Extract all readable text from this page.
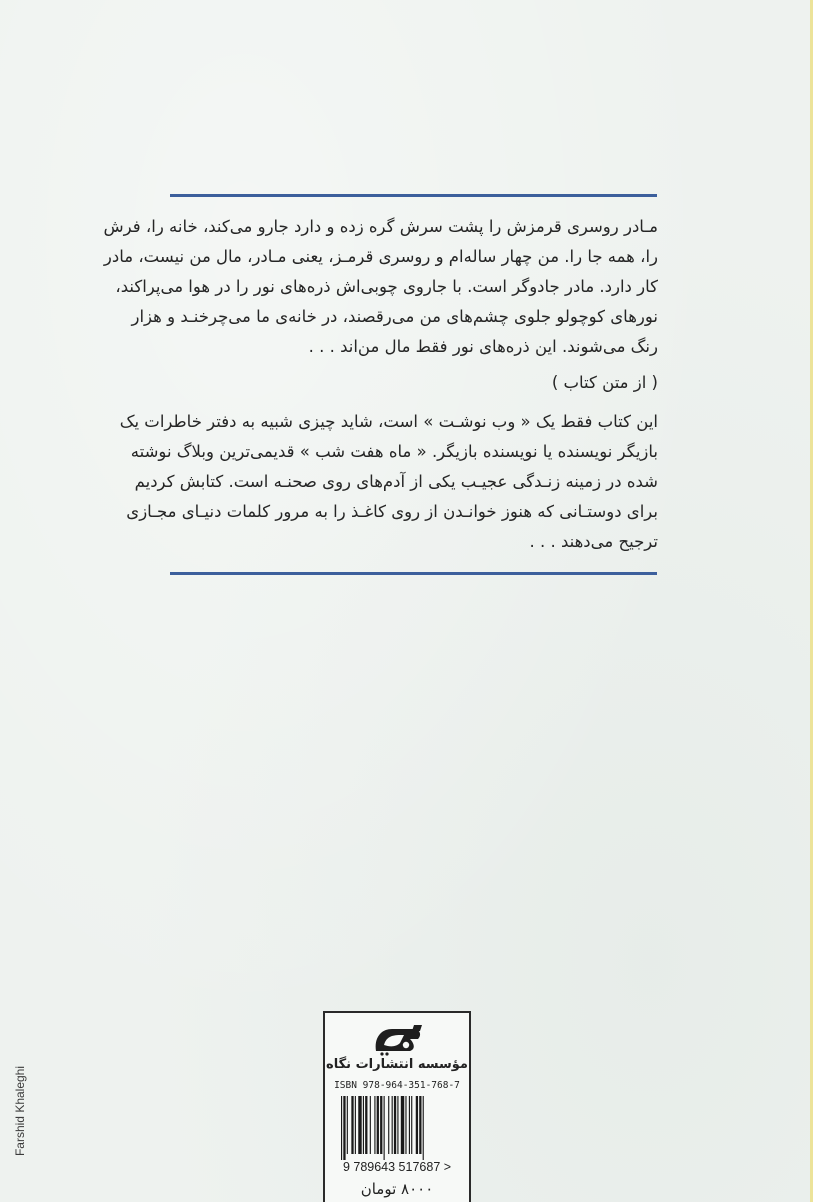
مـادر روسری قرمزش را پشت سرش گره زده و دارد جارو می‌کند، خانه را، فرش
را، همه جا را. من چهار ساله‌ام و روسری قرمـز، یعنی مـادر، مال من نیست، مادر
کار دارد. مادر جادوگر است. با جاروی چوبی‌اش ذره‌های نور را در هوا می‌پراکند،
نورهای کوچولو جلوی چشم‌های من می‌رقصند، در خانه‌ی ما می‌چرخنـد و هزار
رنگ می‌شوند. این ذره‌های نور فقط مال من‌اند . . .
( از متن کتاب )
این کتاب فقط یک « وب نوشـت » است، شاید چیزی شبیه به دفتر خاطرات یک
بازیگر نویسنده یا نویسنده بازیگر. « ماه هفت شب » قدیمی‌ترین وبلاگ نوشته
شده در زمینه زنـدگی عجیـب یکی از آدم‌های روی صحنـه است. کتابش کردیم
برای دوستـانی که هنوز خوانـدن از روی کاغـذ را به مرور کلمات دنیـای مجـازی
ترجیح می‌دهند . . .
مؤسسه انتشارات نگاه
ISBN 978-964-351-768-7
9 789643 517687 >
۸۰۰۰ تومان
Farshid Khaleghi
